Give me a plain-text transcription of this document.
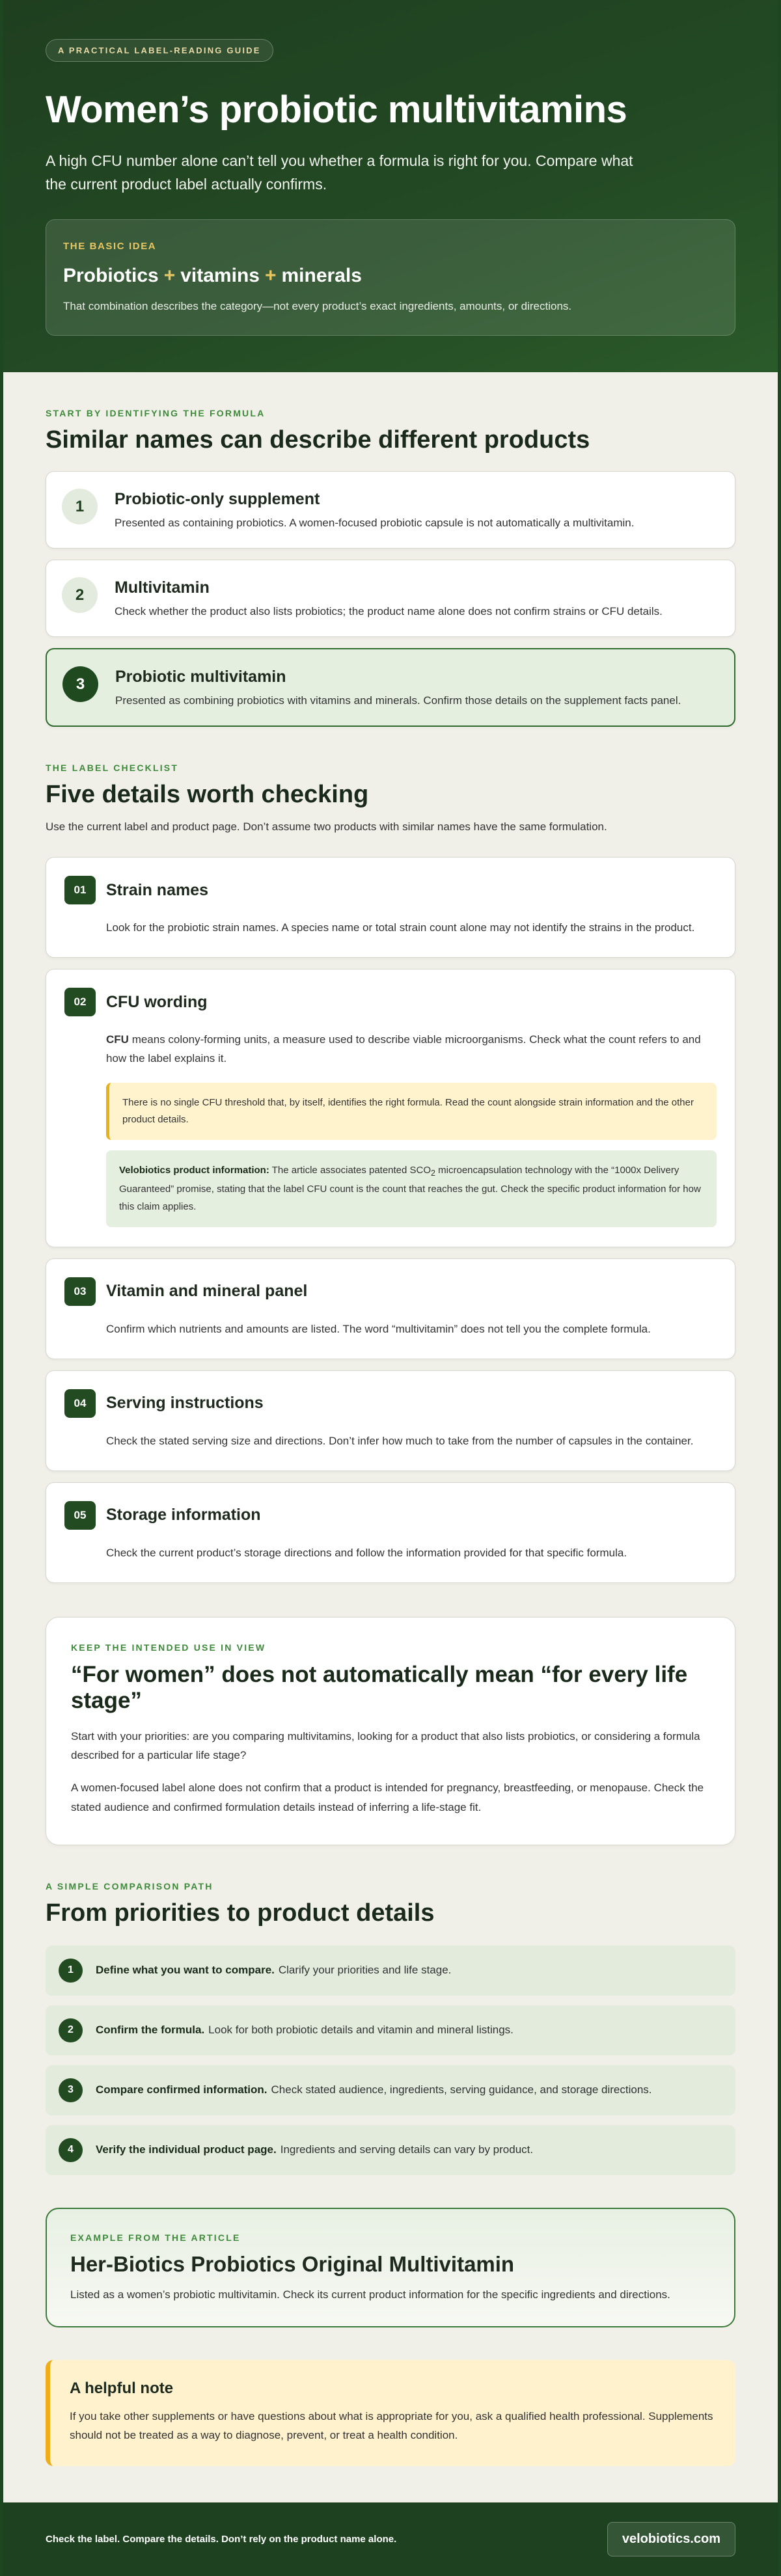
A PRACTICAL LABEL-READING GUIDE
Women’s probiotic multivitamins

A high CFU number alone can’t tell you whether a formula is right for you. Compare what the current product label actually confirms.

THE BASIC IDEA
Probiotics + vitamins + minerals

That combination describes the category—not every product’s exact ingredients, amounts, or directions.

START BY IDENTIFYING THE FORMULA
Similar names can describe different products
1	Probiotic-only supplement

Presented as containing probiotics. A women-focused probiotic capsule is not automatically a multivitamin.

2	Multivitamin

Check whether the product also lists probiotics; the product name alone does not confirm strains or CFU details.

3	Probiotic multivitamin

Presented as combining probiotics with vitamins and minerals. Confirm those details on the supplement facts panel.

THE LABEL CHECKLIST
Five details worth checking

Use the current label and product page. Don’t assume two products with similar names have the same formulation.

01	Strain names
Look for the probiotic strain names. A species name or total strain count alone may not identify the strains in the product.
02	CFU wording
CFU means colony-forming units, a measure used to describe viable microorganisms. Check what the count refers to and how the label explains it.
There is no single CFU threshold that, by itself, identifies the right formula. Read the count alongside strain information and the other product details.
Velobiotics product information: The article associates patented $SCO_2$ microencapsulation technology with the “1000x Delivery Guaranteed” promise, stating that the label CFU count is the count that reaches the gut. Check the specific product information for how this claim applies.
03	Vitamin and mineral panel
Confirm which nutrients and amounts are listed. The word “multivitamin” does not tell you the complete formula.
04	Serving instructions
Check the stated serving size and directions. Don’t infer how much to take from the number of capsules in the container.
05	Storage information
Check the current product’s storage directions and follow the information provided for that specific formula.
KEEP THE INTENDED USE IN VIEW
“For women” does not automatically mean “for every life stage”

Start with your priorities: are you comparing multivitamins, looking for a product that also lists probiotics, or considering a formula described for a particular life stage?

A women-focused label alone does not confirm that a product is intended for pregnancy, breastfeeding, or menopause. Check the stated audience and confirmed formulation details instead of inferring a life-stage fit.

A SIMPLE COMPARISON PATH
From priorities to product details
1	Define what you want to compare. Clarify your priorities and life stage.
2	Confirm the formula. Look for both probiotic details and vitamin and mineral listings.
3	Compare confirmed information. Check stated audience, ingredients, serving guidance, and storage directions.
4	Verify the individual product page. Ingredients and serving details can vary by product.
EXAMPLE FROM THE ARTICLE
Her-Biotics Probiotics Original Multivitamin

Listed as a women’s probiotic multivitamin. Check its current product information for the specific ingredients and directions.

A helpful note

If you take other supplements or have questions about what is appropriate for you, ask a qualified health professional. Supplements should not be treated as a way to diagnose, prevent, or treat a health condition.

Check the label. Compare the details. Don’t rely on the product name alone.	velobiotics.com
